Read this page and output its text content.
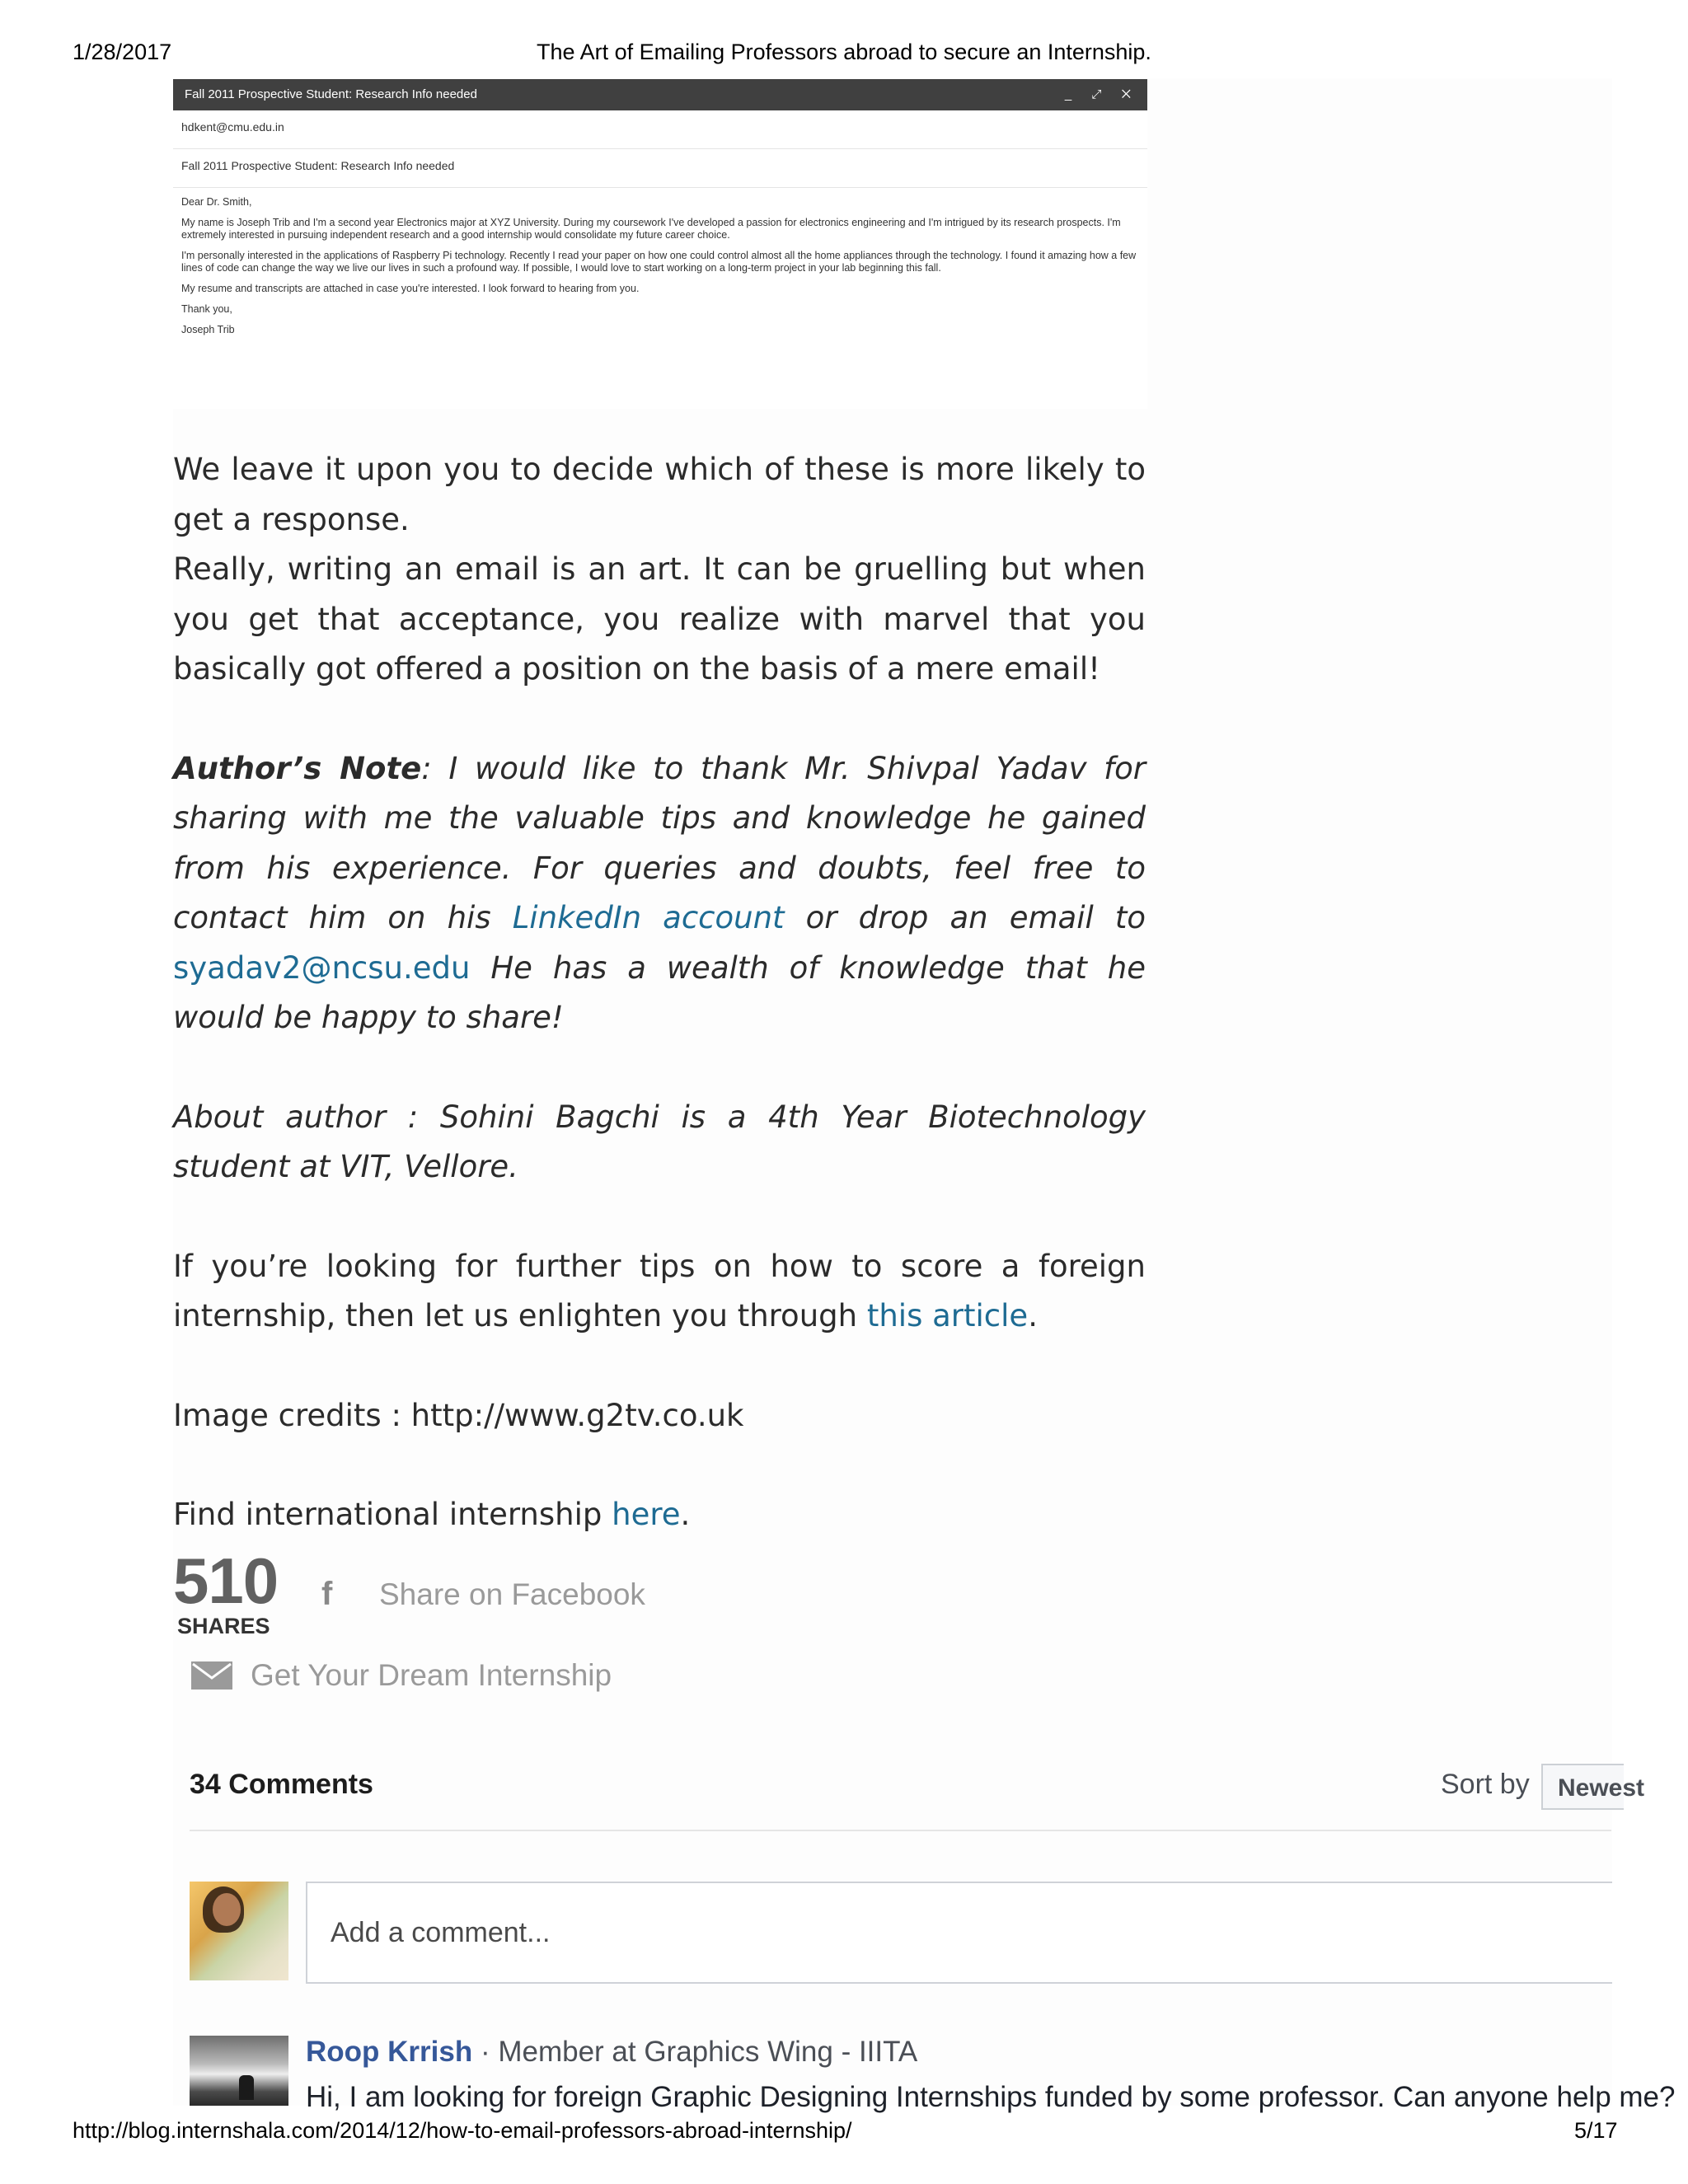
1/28/2017	The Art of Emailing Professors abroad to secure an Internship.
Fall 2011 Prospective Student: Research Info needed	_ ⤢ ✕
hdkent@cmu.edu.in
Fall 2011 Prospective Student: Research Info needed

Dear Dr. Smith,

My name is Joseph Trib and I'm a second year Electronics major at XYZ University. During my coursework I've developed a passion for electronics engineering and I'm intrigued by its research prospects. I'm extremely interested in pursuing independent research and a good internship would consolidate my future career choice.

I'm personally interested in the applications of Raspberry Pi technology. Recently I read your paper on how one could control almost all the home appliances through the technology. I found it amazing how a few lines of code can change the way we live our lives in such a profound way. If possible, I would love to start working on a long-term project in your lab beginning this fall.

My resume and transcripts are attached in case you're interested. I look forward to hearing from you.

Thank you,

Joseph Trib

We leave it upon you to decide which of these is more likely to get a response.

Really, writing an email is an art. It can be gruelling but when you get that acceptance, you realize with marvel that you basically got offered a position on the basis of a mere email!

Author’s Note: I would like to thank Mr. Shivpal Yadav for sharing with me the valuable tips and knowledge he gained from his experience. For queries and doubts, feel free to contact him on his LinkedIn account or drop an email to syadav2@ncsu.edu He has a wealth of knowledge that he would be happy to share!

About author : Sohini Bagchi is a 4th Year Biotechnology student at VIT, Vellore.

If you’re looking for further tips on how to score a foreign internship, then let us enlighten you through this article.

Image credits : http://www.g2tv.co.uk

Find international internship here.

510
SHARES
f	Share on Facebook
Get Your Dream Internship
34 Comments	Sort by	Newest
Add a comment...
Roop Krrish · Member at Graphics Wing - IIITA
Hi, I am looking for foreign Graphic Designing Internships funded by some professor. Can anyone help me?
http://blog.internshala.com/2014/12/how-to-email-professors-abroad-internship/	5/17
